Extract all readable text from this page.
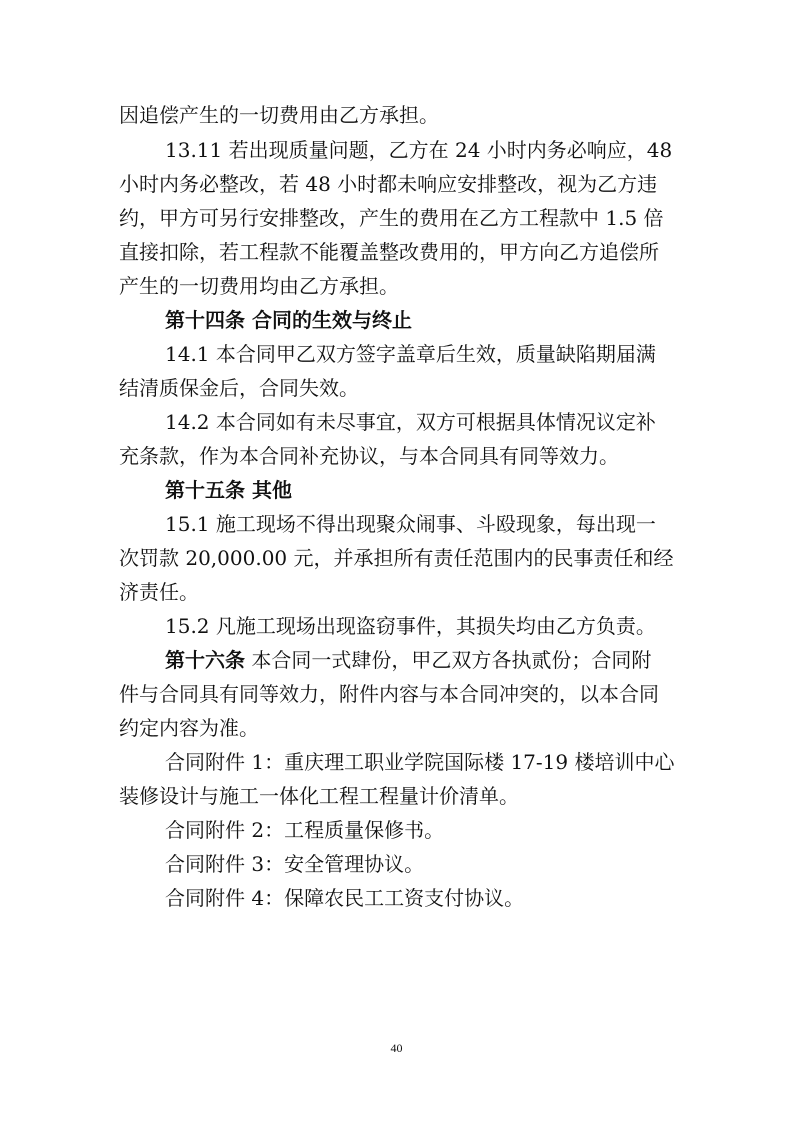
因追偿产生的一切费用由乙方承担。
13.11 若出现质量问题，乙方在 24 小时内务必响应，48
小时内务必整改，若 48 小时都未响应安排整改，视为乙方违
约，甲方可另行安排整改，产生的费用在乙方工程款中 1.5 倍
直接扣除，若工程款不能覆盖整改费用的，甲方向乙方追偿所
产生的一切费用均由乙方承担。
第十四条 合同的生效与终止
14.1 本合同甲乙双方签字盖章后生效，质量缺陷期届满
结清质保金后，合同失效。
14.2 本合同如有未尽事宜，双方可根据具体情况议定补
充条款，作为本合同补充协议，与本合同具有同等效力。
第十五条 其他
15.1 施工现场不得出现聚众闹事、斗殴现象，每出现一
次罚款 20,000.00 元，并承担所有责任范围内的民事责任和经
济责任。
15.2 凡施工现场出现盗窃事件，其损失均由乙方负责。
第十六条 本合同一式肆份，甲乙双方各执贰份；合同附
件与合同具有同等效力，附件内容与本合同冲突的，以本合同
约定内容为准。
合同附件 1：重庆理工职业学院国际楼 17-19 楼培训中心
装修设计与施工一体化工程工程量计价清单。
合同附件 2：工程质量保修书。
合同附件 3：安全管理协议。
合同附件 4：保障农民工工资支付协议。
40
